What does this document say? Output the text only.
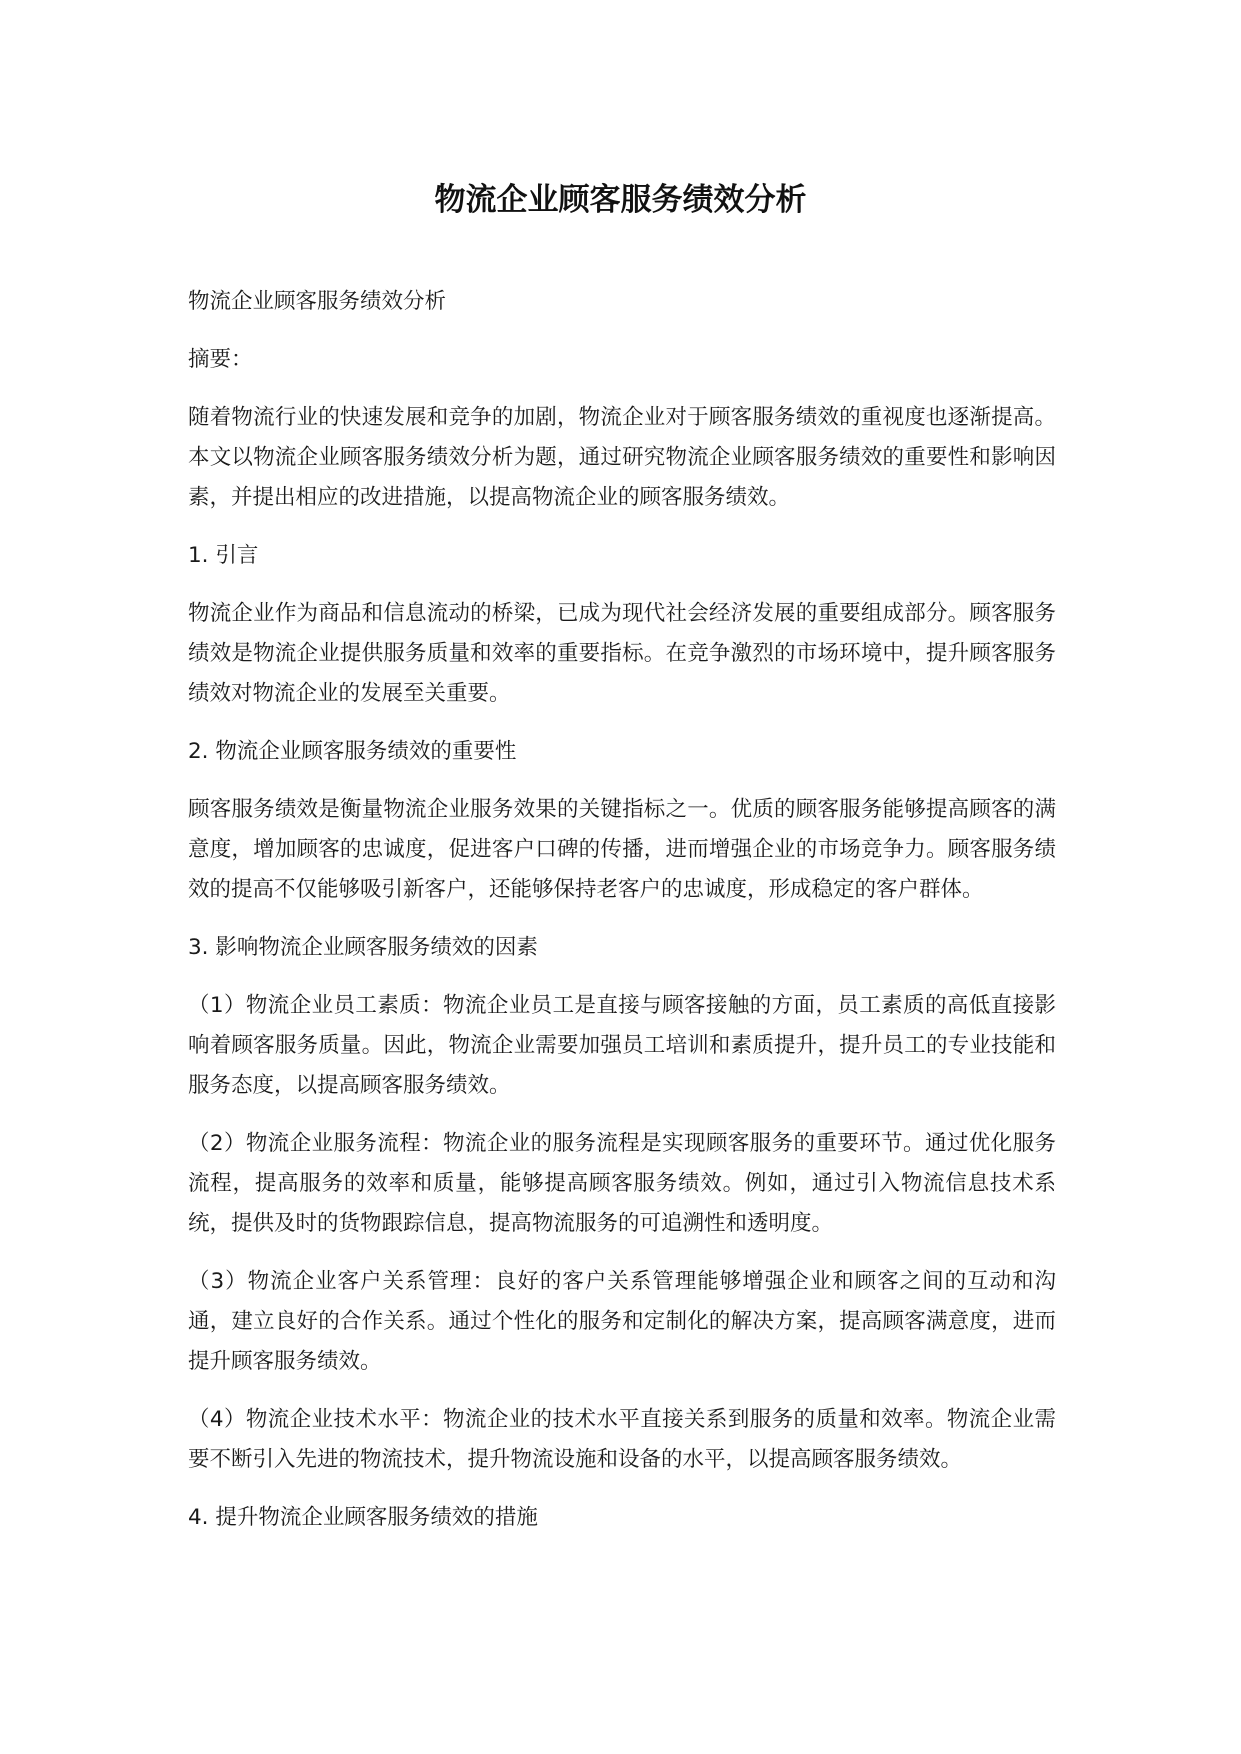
物流企业顾客服务绩效分析

物流企业顾客服务绩效分析

摘要：

随着物流行业的快速发展和竞争的加剧，物流企业对于顾客服务绩效的重视度也逐渐提高。本文以物流企业顾客服务绩效分析为题，通过研究物流企业顾客服务绩效的重要性和影响因素，并提出相应的改进措施，以提高物流企业的顾客服务绩效。

1. 引言

物流企业作为商品和信息流动的桥梁，已成为现代社会经济发展的重要组成部分。顾客服务绩效是物流企业提供服务质量和效率的重要指标。在竞争激烈的市场环境中，提升顾客服务绩效对物流企业的发展至关重要。

2. 物流企业顾客服务绩效的重要性

顾客服务绩效是衡量物流企业服务效果的关键指标之一。优质的顾客服务能够提高顾客的满意度，增加顾客的忠诚度，促进客户口碑的传播，进而增强企业的市场竞争力。顾客服务绩效的提高不仅能够吸引新客户，还能够保持老客户的忠诚度，形成稳定的客户群体。

3. 影响物流企业顾客服务绩效的因素

（1）物流企业员工素质：物流企业员工是直接与顾客接触的方面，员工素质的高低直接影响着顾客服务质量。因此，物流企业需要加强员工培训和素质提升，提升员工的专业技能和服务态度，以提高顾客服务绩效。

（2）物流企业服务流程：物流企业的服务流程是实现顾客服务的重要环节。通过优化服务流程，提高服务的效率和质量，能够提高顾客服务绩效。例如，通过引入物流信息技术系统，提供及时的货物跟踪信息，提高物流服务的可追溯性和透明度。

（3）物流企业客户关系管理：良好的客户关系管理能够增强企业和顾客之间的互动和沟通，建立良好的合作关系。通过个性化的服务和定制化的解决方案，提高顾客满意度，进而提升顾客服务绩效。

（4）物流企业技术水平：物流企业的技术水平直接关系到服务的质量和效率。物流企业需要不断引入先进的物流技术，提升物流设施和设备的水平，以提高顾客服务绩效。

4. 提升物流企业顾客服务绩效的措施
